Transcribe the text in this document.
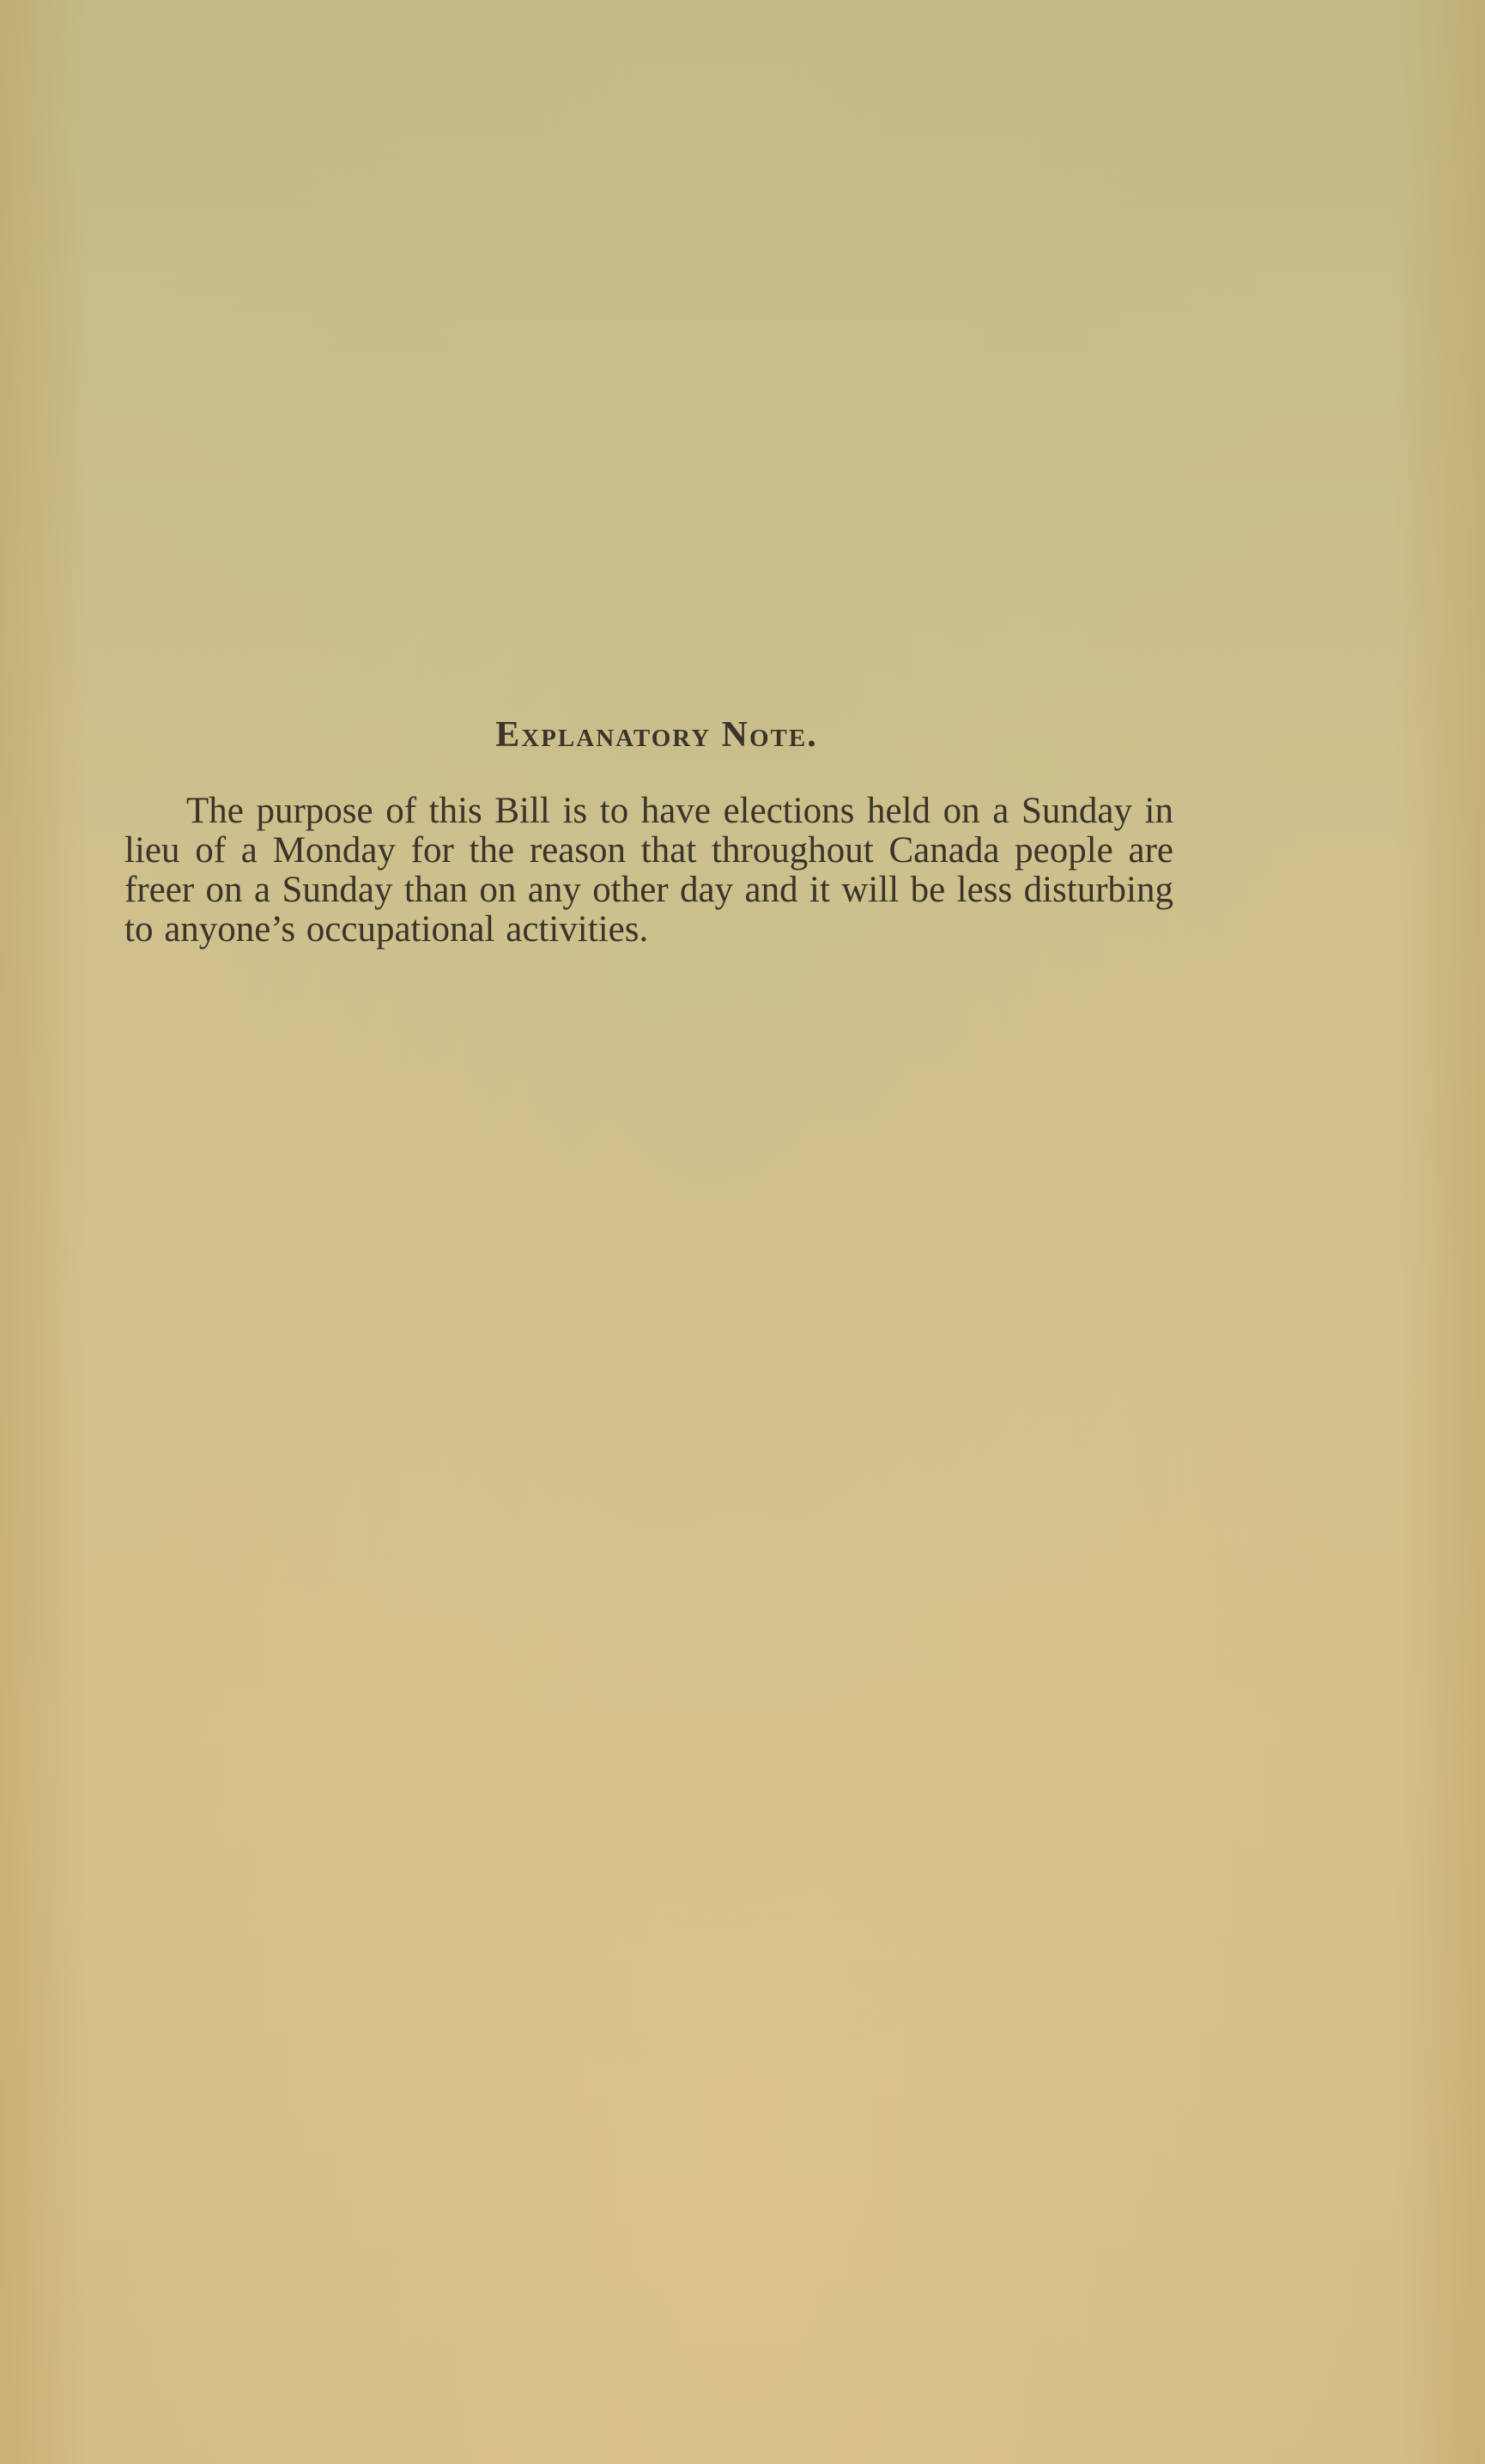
Explanatory Note.

The purpose of this Bill is to have elections held on a Sunday in lieu of a Monday for the reason that throughout Canada people are freer on a Sunday than on any other day and it will be less disturbing to anyone’s occupational activities.
